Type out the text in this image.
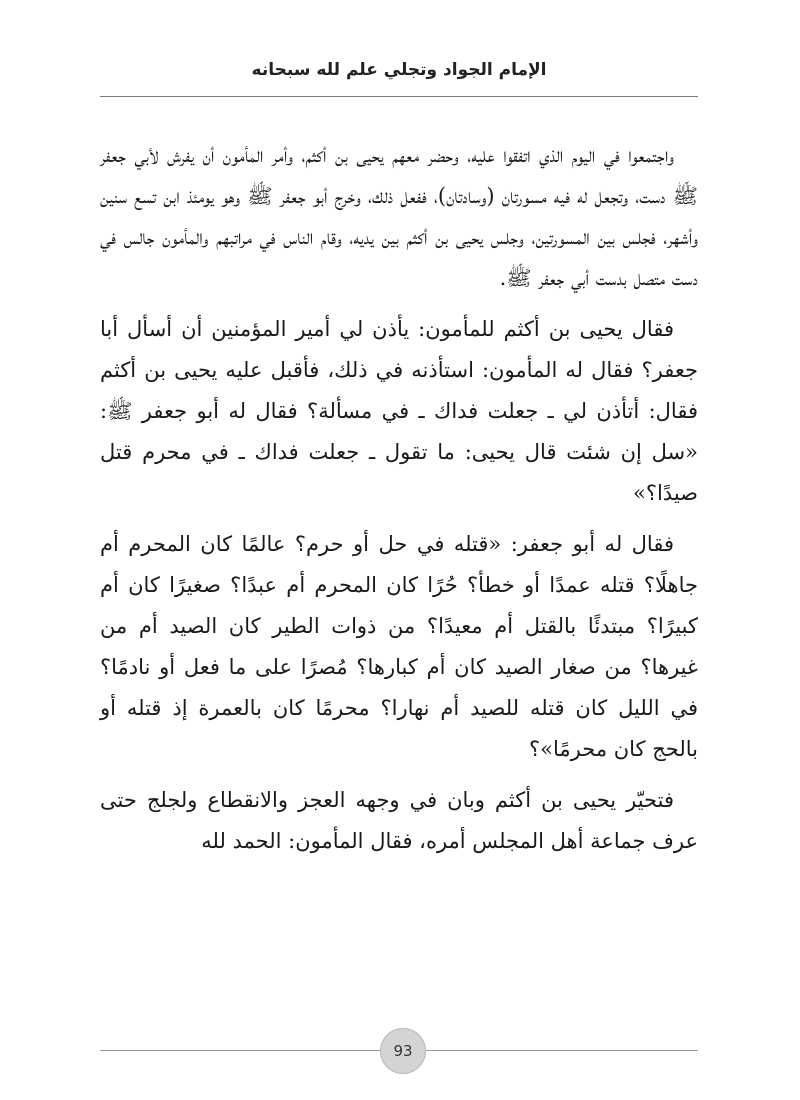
الإمام الجواد وتجلي علم لله سبحانه

واجتمعوا في اليوم الذي اتفقوا عليه، وحضر معهم يحيى بن أكثم، وأمر المأمون أن يفرش لأبي جعفر ﷺ دست، وتجعل له فيه مسورتان (وسادتان)، ففعل ذلك، وخرج أبو جعفر ﷺ وهو يومئذ ابن تسع سنين وأشهر، فجلس بين المسورتين، وجلس يحيى بن أكثم بين يديه، وقام الناس في مراتبهم والمأمون جالس في دست متصل بدست أبي جعفر ﷺ.

فقال يحيى بن أكثم للمأمون: يأذن لي أمير المؤمنين أن أسأل أبا جعفر؟ فقال له المأمون: استأذنه في ذلك، فأقبل عليه يحيى بن أكثم فقال: أتأذن لي ـ جعلت فداك ـ في مسألة؟ فقال له أبو جعفر ﷺ: «سل إن شئت قال يحيى: ما تقول ـ جعلت فداك ـ في محرم قتل صيدًا؟»

فقال له أبو جعفر: «قتله في حل أو حرم؟ عالمًا كان المحرم أم جاهلًا؟ قتله عمدًا أو خطأ؟ حُرًا كان المحرم أم عبدًا؟ صغيرًا كان أم كبيرًا؟ مبتدئًا بالقتل أم معيدًا؟ من ذوات الطير كان الصيد أم من غيرها؟ من صغار الصيد كان أم كبارها؟ مُصرًا على ما فعل أو نادمًا؟ في الليل كان قتله للصيد أم نهارا؟ محرمًا كان بالعمرة إذ قتله أو بالحج كان محرمًا»؟

فتحيّر يحيى بن أكثم وبان في وجهه العجز والانقطاع ولجلج حتى عرف جماعة أهل المجلس أمره، فقال المأمون: الحمد لله

93
